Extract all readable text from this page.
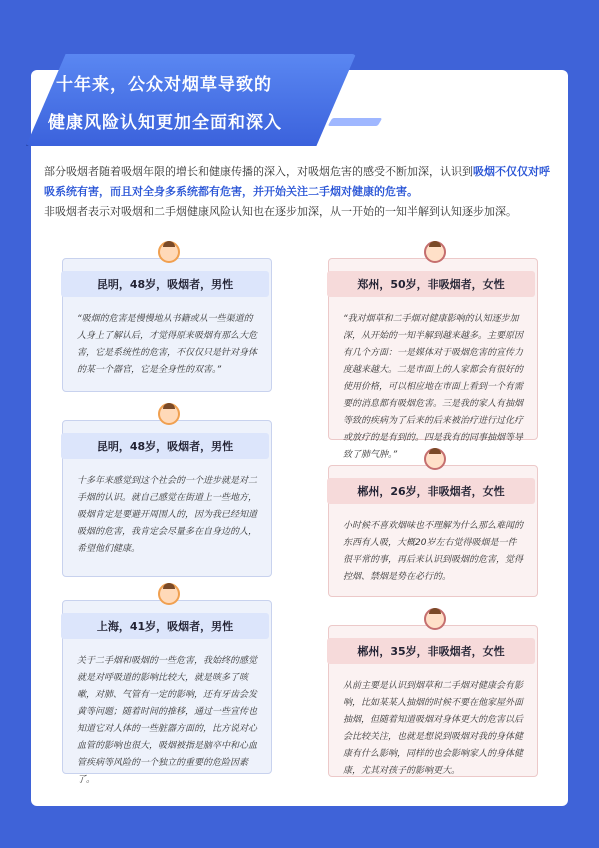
十年来，公众对烟草导致的
健康风险认知更加全面和深入
部分吸烟者随着吸烟年限的增长和健康传播的深入，对吸烟危害的感受不断加深，认识到吸烟不仅仅对呼吸系统有害，而且对全身多系统都有危害，并开始关注二手烟对健康的危害。
非吸烟者表示对吸烟和二手烟健康风险认知也在逐步加深，从一开始的一知半解到认知逐步加深。
昆明，48岁，吸烟者，男性
“吸烟的危害是慢慢地从书籍或从一些渠道的人身上了解认后，才觉得原来吸烟有那么大危害，它是系统性的危害，不仅仅只是针对身体的某一个器官，它是全身性的双害。”
郑州，50岁，非吸烟者，女性
“我对烟草和二手烟对健康影响的认知逐步加深，从开始的一知半解到越来越多。主要原因有几个方面：一是媒体对于吸烟危害的宣传力度越来越大。二是市面上的人家都会有很好的使用价格，可以相应地在市面上看到一个有需要的消息都有吸烟危害。三是我的家人有抽烟等致的疾病为了后来的后来被治疗进行过化疗或放疗的是有到的。四是我有的同事抽烟等导致了肺气肿。”
昆明，48岁，吸烟者，男性
十多年来感觉到这个社会的一个进步就是对二手烟的认识。就自己感觉在街道上一些地方，吸烟肯定是要避开周围人的，因为我已经知道吸烟的危害，我肯定会尽量多在自身边的人，希望他们健康。
郴州，26岁，非吸烟者，女性
小时候不喜欢烟味也不理解为什么那么难闻的东西有人吸，大概20岁左右觉得吸烟是一件很平常的事，再后来认识到吸烟的危害，觉得控烟、禁烟是势在必行的。
上海，41岁，吸烟者，男性
关于二手烟和吸烟的一些危害，我始终的感觉就是对呼吸道的影响比较大，就是咳多了咳嗽，对肺、气管有一定的影响，还有牙齿会发黄等问题；随着时间的推移，通过一些宣传也知道它对人体的一些脏器方面的，比方说对心血管的影响也很大，吸烟被指是脑卒中和心血管疾病等风险的一个独立的重要的危险因素了。
郴州，35岁，非吸烟者，女性
从前主要是认识到烟草和二手烟对健康会有影响，比如某某人抽烟的时候不要在他家屋外面抽烟，但随着知道吸烟对身体更大的危害以后会比较关注，也就是想说到吸烟对我的身体健康有什么影响，同样的也会影响家人的身体健康，尤其对孩子的影响更大。
